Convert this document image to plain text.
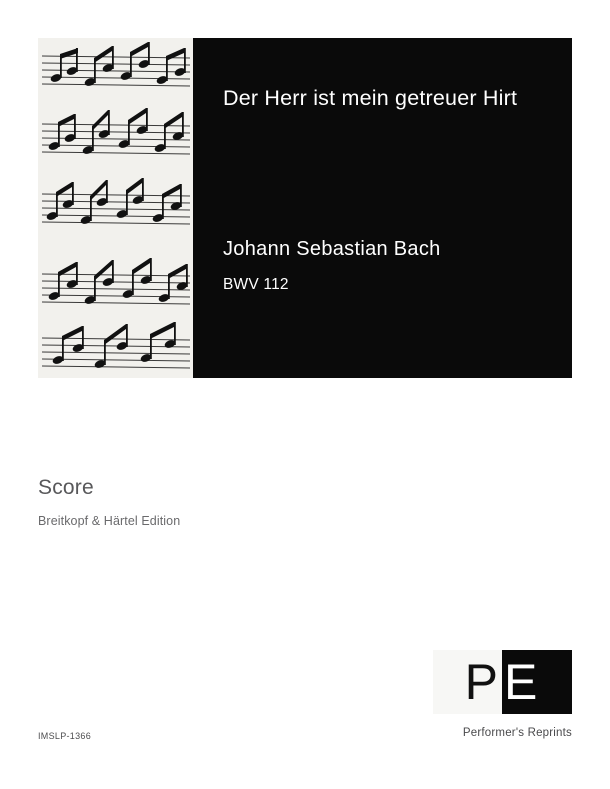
Der Herr ist mein getreuer Hirt
Johann Sebastian Bach
BWV 112
Score
Breitkopf & Härtel Edition
IMSLP-1366
P E
Performer's Reprints
